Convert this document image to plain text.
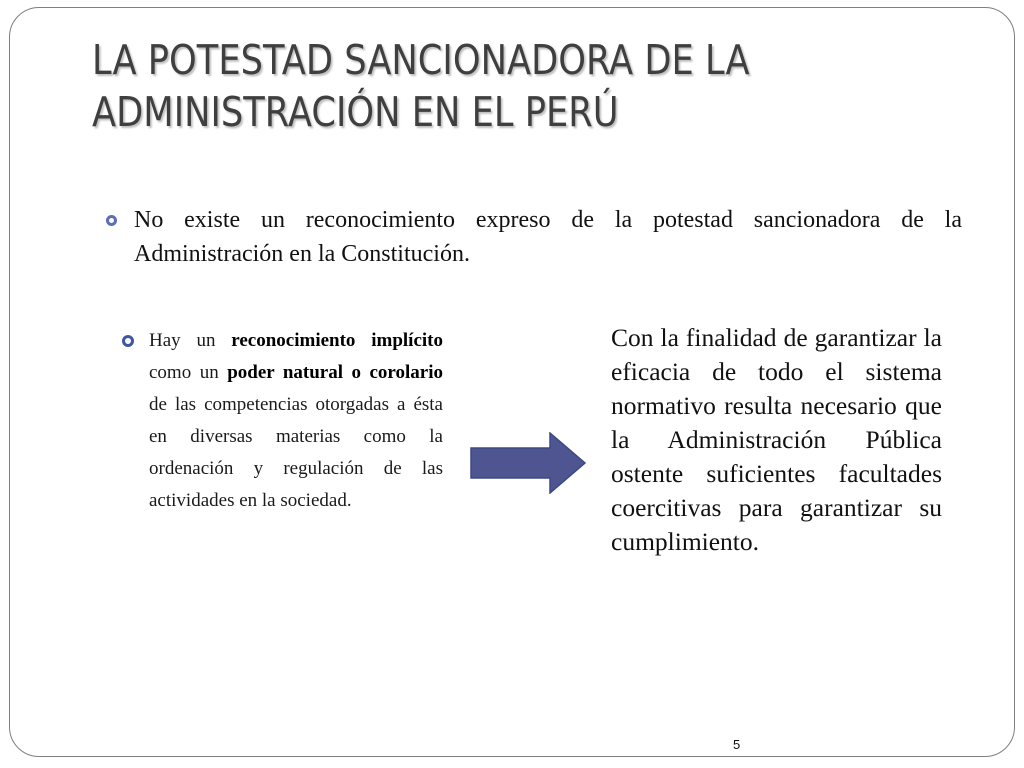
LA POTESTAD SANCIONADORA DE LA
ADMINISTRACIÓN EN EL PERÚ
No existe un reconocimiento expreso de la potestad sancionadora de la Administración en la Constitución.
Hay un reconocimiento implícito como un poder natural o corolario de las competencias otorgadas a ésta en diversas materias como la ordenación y regulación de las actividades en la sociedad.
Con la finalidad de garantizar la eficacia de todo el sistema normativo resulta necesario que la Administración Pública ostente suficientes facultades coercitivas para garantizar su cumplimiento.
5
